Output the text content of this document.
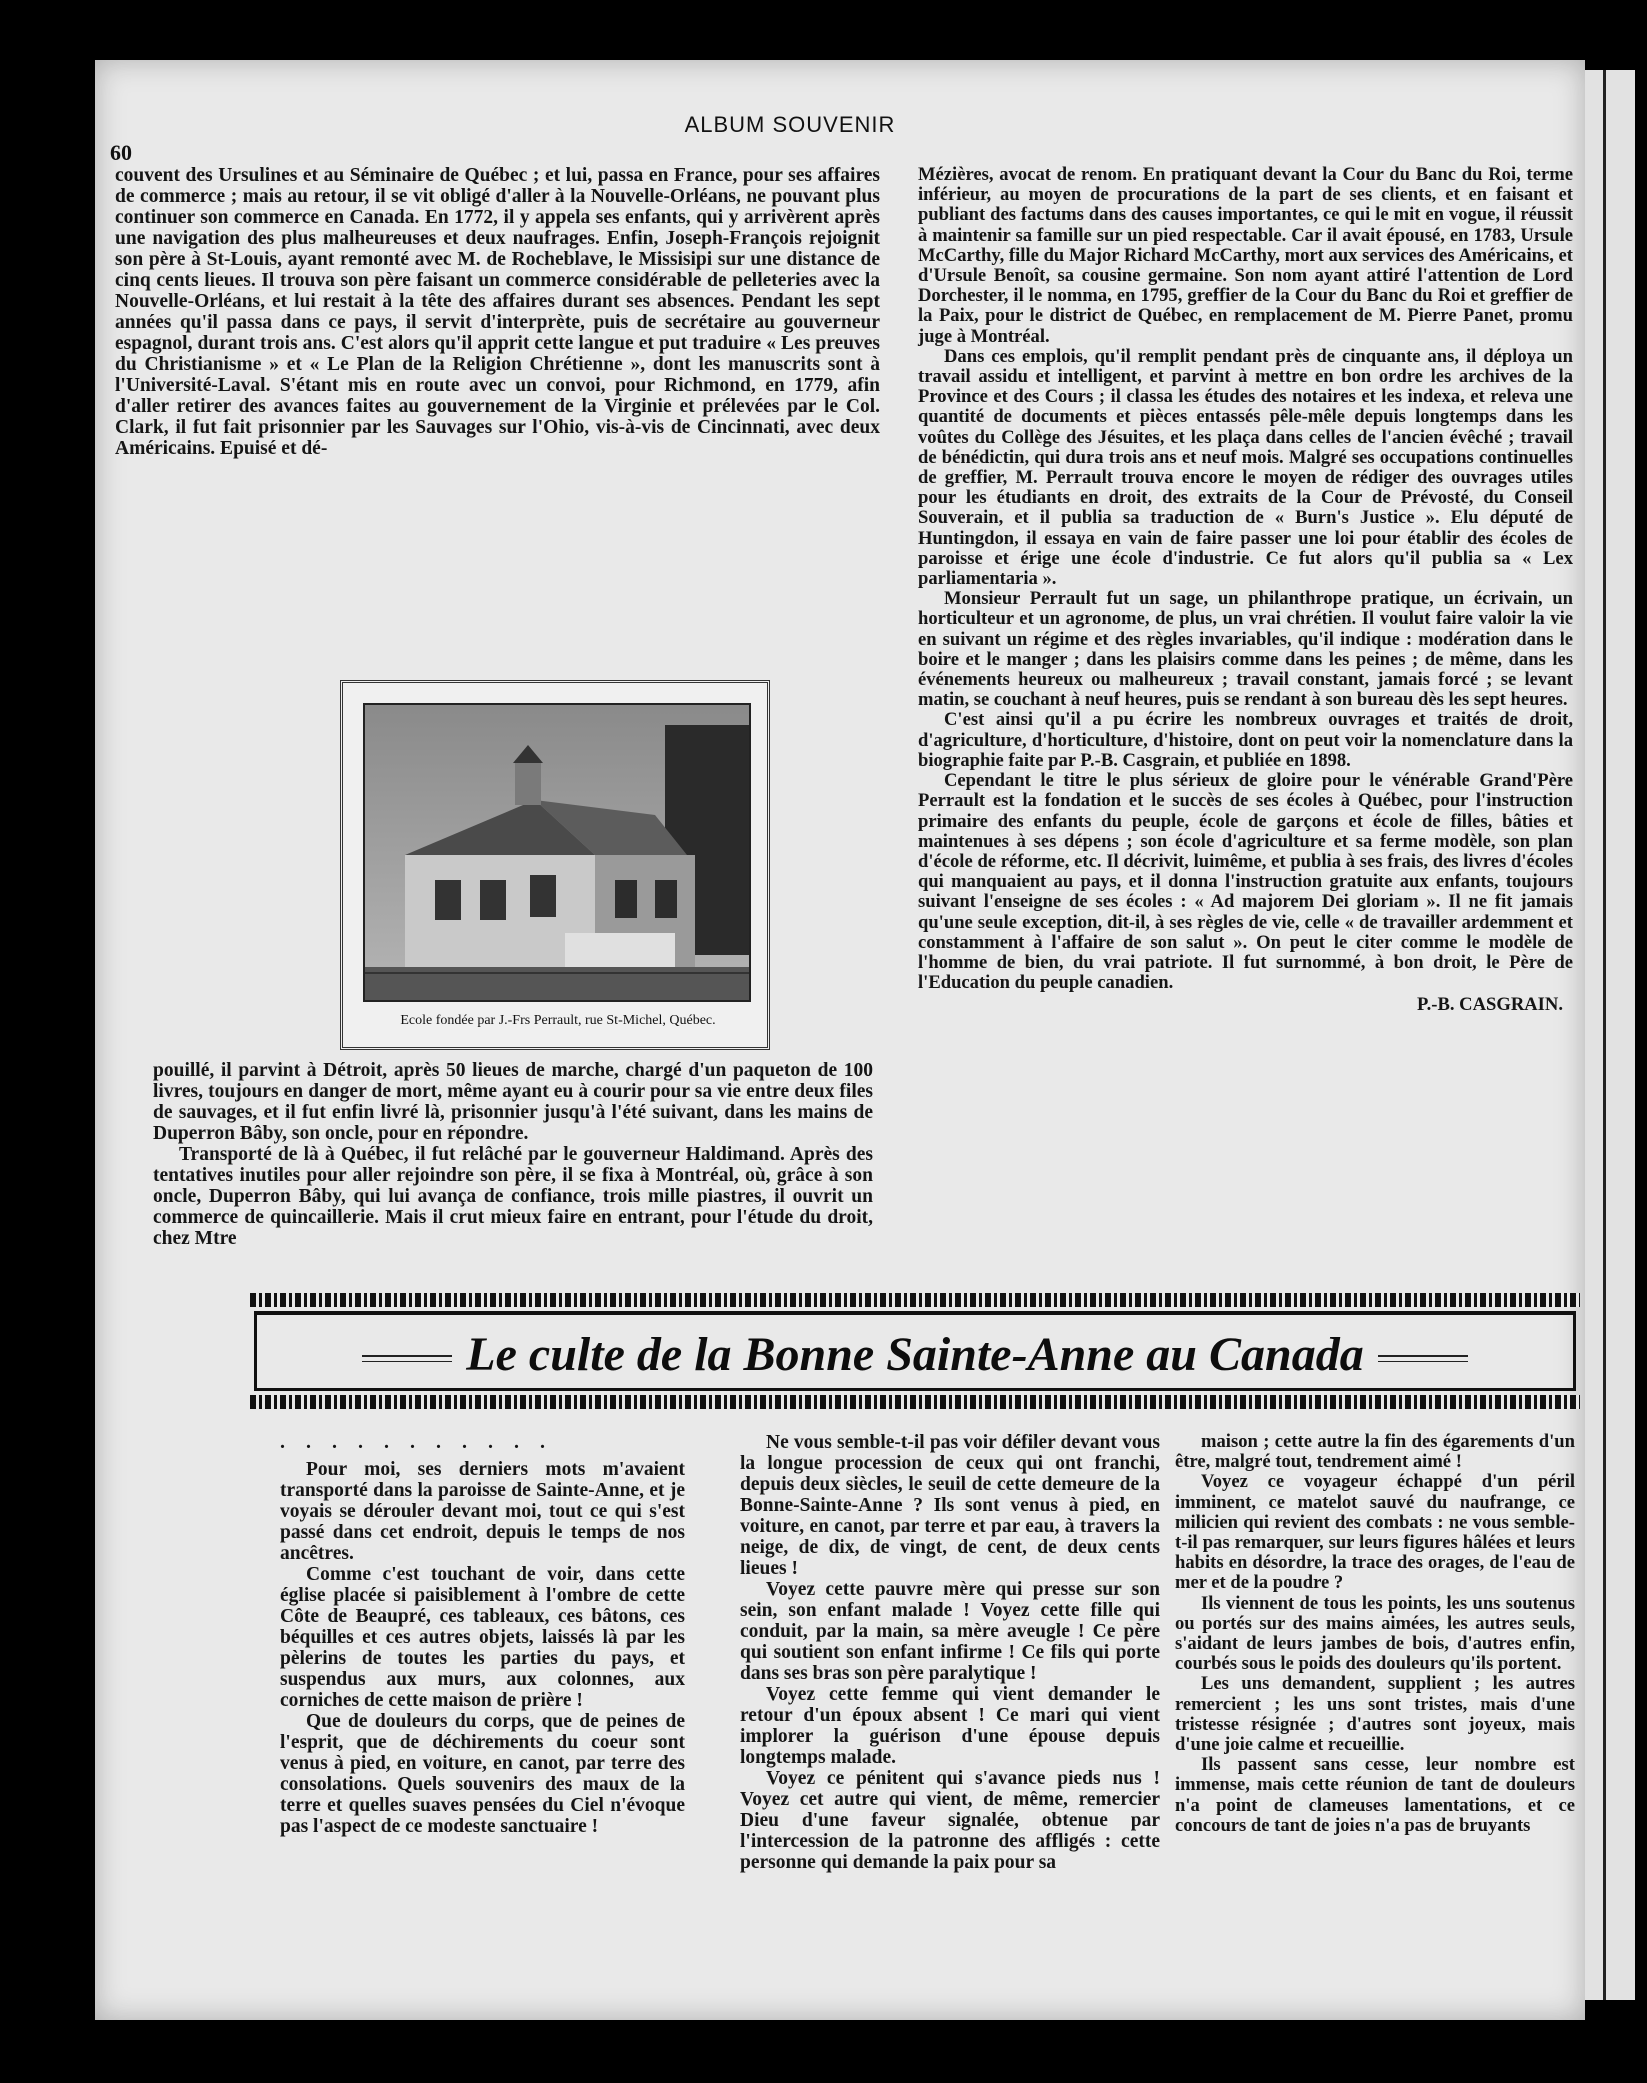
ALBUM SOUVENIR
60

couvent des Ursulines et au Séminaire de Québec ; et lui, passa en France, pour ses affaires de commerce ; mais au retour, il se vit obligé d'aller à la Nouvelle-Orléans, ne pouvant plus continuer son commerce en Canada. En 1772, il y appela ses enfants, qui y arrivèrent après une navigation des plus malheureuses et deux naufrages. Enfin, Joseph-François rejoignit son père à St-Louis, ayant remonté avec M. de Rocheblave, le Missisipi sur une distance de cinq cents lieues. Il trouva son père faisant un commerce considérable de pelleteries avec la Nouvelle-Orléans, et lui restait à la tête des affaires durant ses absences. Pendant les sept années qu'il passa dans ce pays, il servit d'interprète, puis de secrétaire au gouverneur espagnol, durant trois ans. C'est alors qu'il apprit cette langue et put traduire « Les preuves du Christianisme » et « Le Plan de la Religion Chrétienne », dont les manuscrits sont à l'Université-Laval. S'étant mis en route avec un convoi, pour Richmond, en 1779, afin d'aller retirer des avances faites au gouvernement de la Virginie et prélevées par le Col. Clark, il fut fait prisonnier par les Sauvages sur l'Ohio, vis-à-vis de Cincinnati, avec deux Américains. Epuisé et dé-

Ecole fondée par J.-Frs Perrault, rue St-Michel, Québec.

pouillé, il parvint à Détroit, après 50 lieues de marche, chargé d'un paqueton de 100 livres, toujours en danger de mort, même ayant eu à courir pour sa vie entre deux files de sauvages, et il fut enfin livré là, prisonnier jusqu'à l'été suivant, dans les mains de Duperron Bâby, son oncle, pour en répondre.

Transporté de là à Québec, il fut relâché par le gouverneur Haldimand. Après des tentatives inutiles pour aller rejoindre son père, il se fixa à Montréal, où, grâce à son oncle, Duperron Bâby, qui lui avança de confiance, trois mille piastres, il ouvrit un commerce de quincaillerie. Mais il crut mieux faire en entrant, pour l'étude du droit, chez Mtre

Mézières, avocat de renom. En pratiquant devant la Cour du Banc du Roi, terme inférieur, au moyen de procurations de la part de ses clients, et en faisant et publiant des factums dans des causes importantes, ce qui le mit en vogue, il réussit à maintenir sa famille sur un pied respectable. Car il avait épousé, en 1783, Ursule McCarthy, fille du Major Richard McCarthy, mort aux services des Américains, et d'Ursule Benoît, sa cousine germaine. Son nom ayant attiré l'attention de Lord Dorchester, il le nomma, en 1795, greffier de la Cour du Banc du Roi et greffier de la Paix, pour le district de Québec, en remplacement de M. Pierre Panet, promu juge à Montréal.

Dans ces emplois, qu'il remplit pendant près de cinquante ans, il déploya un travail assidu et intelligent, et parvint à mettre en bon ordre les archives de la Province et des Cours ; il classa les études des notaires et les indexa, et releva une quantité de documents et pièces entassés pêle-mêle depuis longtemps dans les voûtes du Collège des Jésuites, et les plaça dans celles de l'ancien évêché ; travail de bénédictin, qui dura trois ans et neuf mois. Malgré ses occupations continuelles de greffier, M. Perrault trouva encore le moyen de rédiger des ouvrages utiles pour les étudiants en droit, des extraits de la Cour de Prévosté, du Conseil Souverain, et il publia sa traduction de « Burn's Justice ». Elu député de Huntingdon, il essaya en vain de faire passer une loi pour établir des écoles de paroisse et érige une école d'industrie. Ce fut alors qu'il publia sa « Lex parliamentaria ».

Monsieur Perrault fut un sage, un philanthrope pratique, un écrivain, un horticulteur et un agronome, de plus, un vrai chrétien. Il voulut faire valoir la vie en suivant un régime et des règles invariables, qu'il indique : modération dans le boire et le manger ; dans les plaisirs comme dans les peines ; de même, dans les événements heureux ou malheureux ; travail constant, jamais forcé ; se levant matin, se couchant à neuf heures, puis se rendant à son bureau dès les sept heures.

C'est ainsi qu'il a pu écrire les nombreux ouvrages et traités de droit, d'agriculture, d'horticulture, d'histoire, dont on peut voir la nomenclature dans la biographie faite par P.-B. Casgrain, et publiée en 1898.

Cependant le titre le plus sérieux de gloire pour le vénérable Grand'Père Perrault est la fondation et le succès de ses écoles à Québec, pour l'instruction primaire des enfants du peuple, école de garçons et école de filles, bâties et maintenues à ses dépens ; son école d'agriculture et sa ferme modèle, son plan d'école de réforme, etc. Il décrivit, luimême, et publia à ses frais, des livres d'écoles qui manquaient au pays, et il donna l'instruction gratuite aux enfants, toujours suivant l'enseigne de ses écoles : « Ad majorem Dei gloriam ». Il ne fit jamais qu'une seule exception, dit-il, à ses règles de vie, celle « de travailler ardemment et constamment à l'affaire de son salut ». On peut le citer comme le modèle de l'homme de bien, du vrai patriote. Il fut surnommé, à bon droit, le Père de l'Education du peuple canadien.

P.-B. CASGRAIN.
Le culte de la Bonne Sainte-Anne au Canada

. . . . . . . . . . .

Pour moi, ses derniers mots m'avaient transporté dans la paroisse de Sainte-Anne, et je voyais se dérouler devant moi, tout ce qui s'est passé dans cet endroit, depuis le temps de nos ancêtres.

Comme c'est touchant de voir, dans cette église placée si paisiblement à l'ombre de cette Côte de Beaupré, ces tableaux, ces bâtons, ces béquilles et ces autres objets, laissés là par les pèlerins de toutes les parties du pays, et suspendus aux murs, aux colonnes, aux corniches de cette maison de prière !

Que de douleurs du corps, que de peines de l'esprit, que de déchirements du coeur sont venus à pied, en voiture, en canot, par terre des consolations. Quels souvenirs des maux de la terre et quelles suaves pensées du Ciel n'évoque pas l'aspect de ce modeste sanctuaire !

Ne vous semble-t-il pas voir défiler devant vous la longue procession de ceux qui ont franchi, depuis deux siècles, le seuil de cette demeure de la Bonne-Sainte-Anne ? Ils sont venus à pied, en voiture, en canot, par terre et par eau, à travers la neige, de dix, de vingt, de cent, de deux cents lieues !

Voyez cette pauvre mère qui presse sur son sein, son enfant malade ! Voyez cette fille qui conduit, par la main, sa mère aveugle ! Ce père qui soutient son enfant infirme ! Ce fils qui porte dans ses bras son père paralytique !

Voyez cette femme qui vient demander le retour d'un époux absent ! Ce mari qui vient implorer la guérison d'une épouse depuis longtemps malade.

Voyez ce pénitent qui s'avance pieds nus ! Voyez cet autre qui vient, de même, remercier Dieu d'une faveur signalée, obtenue par l'intercession de la patronne des affligés : cette personne qui demande la paix pour sa

maison ; cette autre la fin des égarements d'un être, malgré tout, tendrement aimé !

Voyez ce voyageur échappé d'un péril imminent, ce matelot sauvé du naufrange, ce milicien qui revient des combats : ne vous semble-t-il pas remarquer, sur leurs figures hâlées et leurs habits en désordre, la trace des orages, de l'eau de mer et de la poudre ?

Ils viennent de tous les points, les uns soutenus ou portés sur des mains aimées, les autres seuls, s'aidant de leurs jambes de bois, d'autres enfin, courbés sous le poids des douleurs qu'ils portent.

Les uns demandent, supplient ; les autres remercient ; les uns sont tristes, mais d'une tristesse résignée ; d'autres sont joyeux, mais d'une joie calme et recueillie.

Ils passent sans cesse, leur nombre est immense, mais cette réunion de tant de douleurs n'a point de clameuses lamentations, et ce concours de tant de joies n'a pas de bruyants
